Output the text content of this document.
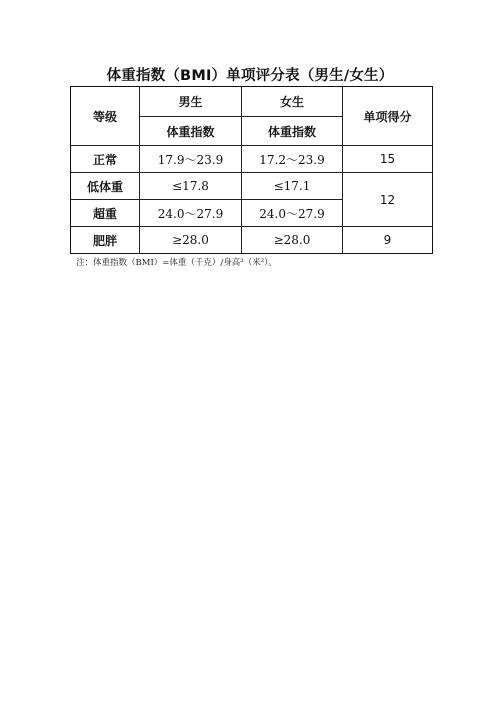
体重指数（BMI）单项评分表（男生/女生）
等级	男生	女生	单项得分
	体重指数	体重指数	
正常	17.9～23.9	17.2～23.9	15
低体重	≤17.8	≤17.1	12
超重	24.0～27.9	24.0～27.9	
肥胖	≥28.0	≥28.0	9
注：体重指数（BMI）=体重（千克）/身高²（米²）。
